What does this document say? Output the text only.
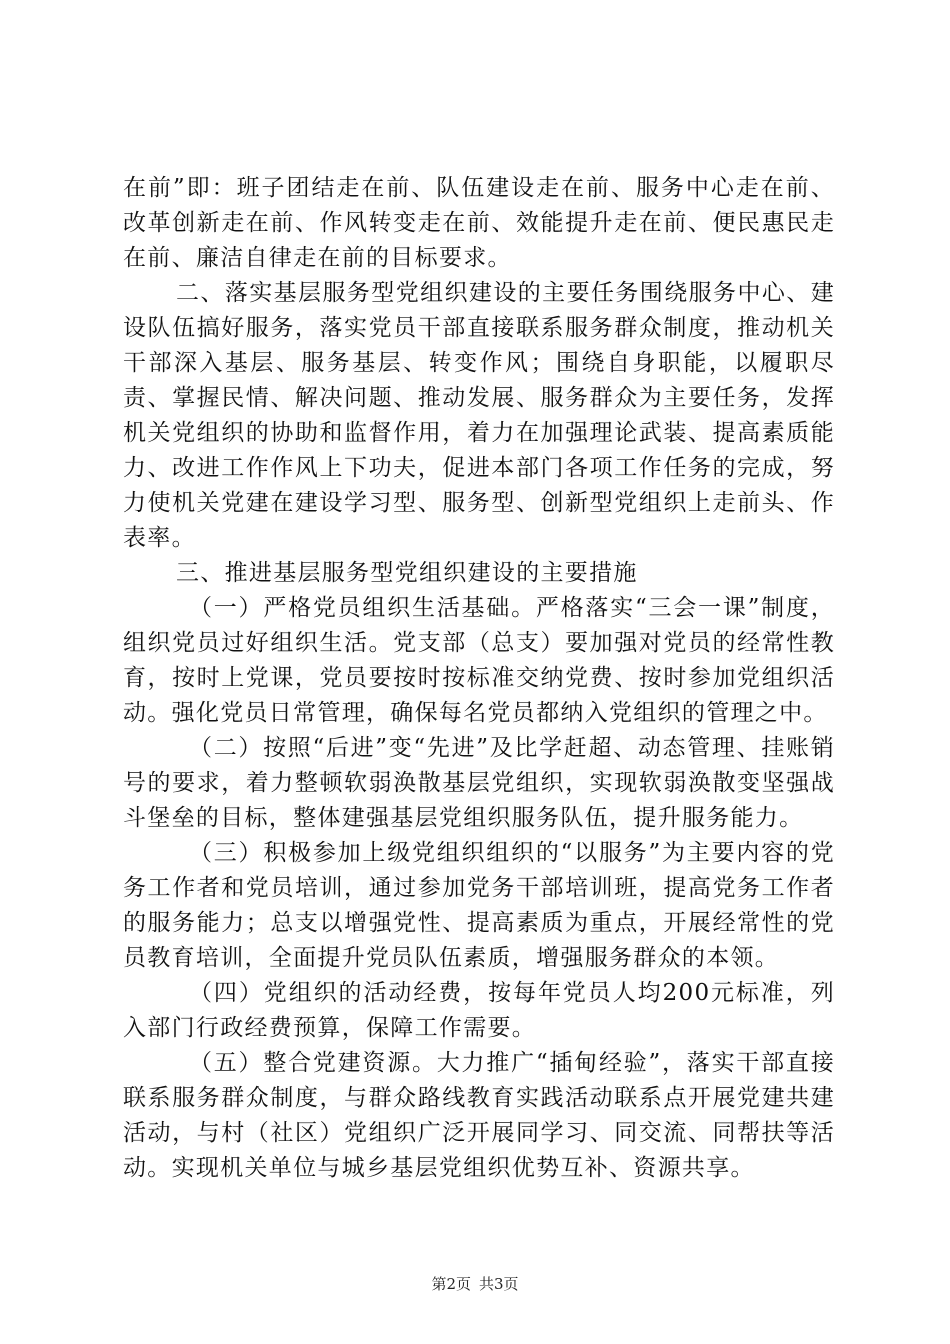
在前”即：班子团结走在前、队伍建设走在前、服务中心走在前、改革创新走在前、作风转变走在前、效能提升走在前、便民惠民走在前、廉洁自律走在前的目标要求。

二、落实基层服务型党组织建设的主要任务围绕服务中心、建设队伍搞好服务，落实党员干部直接联系服务群众制度，推动机关干部深入基层、服务基层、转变作风；围绕自身职能，以履职尽责、掌握民情、解决问题、推动发展、服务群众为主要任务，发挥机关党组织的协助和监督作用，着力在加强理论武装、提高素质能力、改进工作作风上下功夫，促进本部门各项工作任务的完成，努力使机关党建在建设学习型、服务型、创新型党组织上走前头、作表率。

三、推进基层服务型党组织建设的主要措施

（一）严格党员组织生活基础。严格落实“三会一课”制度，组织党员过好组织生活。党支部（总支）要加强对党员的经常性教育，按时上党课，党员要按时按标准交纳党费、按时参加党组织活动。强化党员日常管理，确保每名党员都纳入党组织的管理之中。

（二）按照“后进”变“先进”及比学赶超、动态管理、挂账销号的要求，着力整顿软弱涣散基层党组织，实现软弱涣散变坚强战斗堡垒的目标，整体建强基层党组织服务队伍，提升服务能力。

（三）积极参加上级党组织组织的“以服务”为主要内容的党务工作者和党员培训，通过参加党务干部培训班，提高党务工作者的服务能力；总支以增强党性、提高素质为重点，开展经常性的党员教育培训，全面提升党员队伍素质，增强服务群众的本领。

（四）党组织的活动经费，按每年党员人均200元标准，列入部门行政经费预算，保障工作需要。

（五）整合党建资源。大力推广“插甸经验”，落实干部直接联系服务群众制度，与群众路线教育实践活动联系点开展党建共建活动，与村（社区）党组织广泛开展同学习、同交流、同帮扶等活动。实现机关单位与城乡基层党组织优势互补、资源共享。

第2页 共3页
